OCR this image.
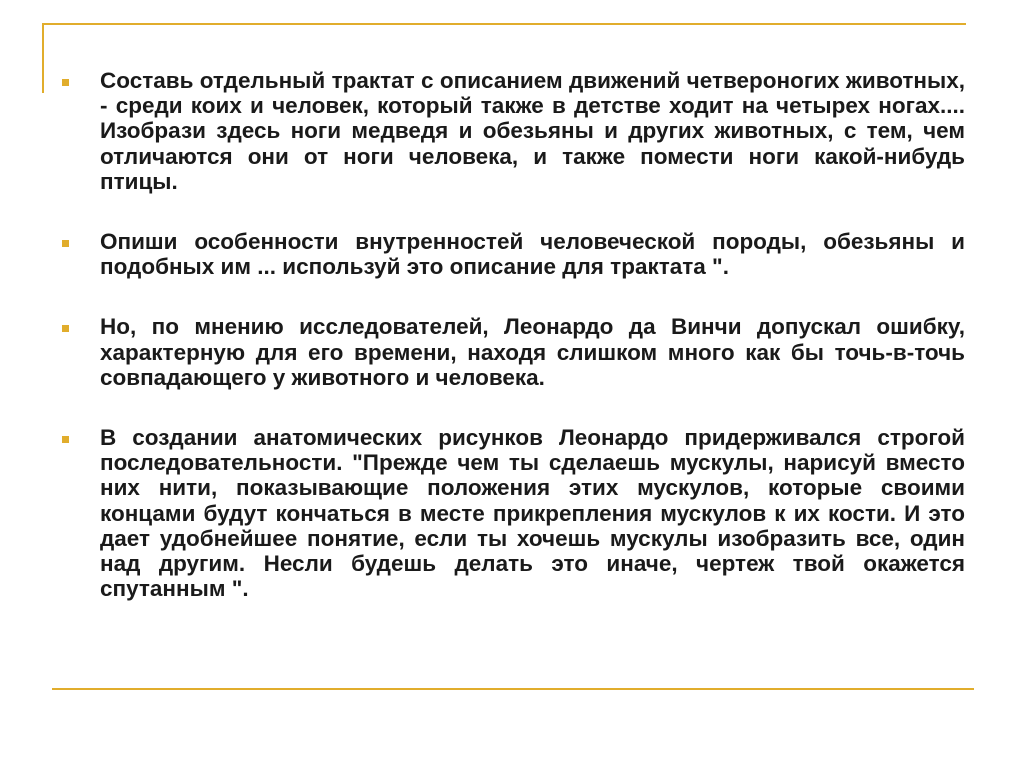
Составь отдельный трактат с описанием движений четвероногих животных, - среди коих и человек, который также в детстве ходит на четырех ногах.... Изобрази здесь ноги медведя и обезьяны и других животных, с тем, чем отличаются они от ноги человека, и также помести ноги какой-нибудь птицы.
Опиши особенности внутренностей человеческой породы, обезьяны и подобных им ... используй это описание для трактата ".
Но, по мнению исследователей, Леонардо да Винчи допускал ошибку, характерную для его времени, находя слишком много как бы точь-в-точь совпадающего у животного и человека.
В создании анатомических рисунков Леонардо придерживался строгой последовательности. "Прежде чем ты сделаешь мускулы, нарисуй вместо них нити, показывающие положения этих мускулов, которые своими концами будут кончаться в месте прикрепления мускулов к их кости. И это дает удобнейшее понятие, если ты хочешь мускулы изобразить все, один над другим. Несли будешь делать это иначе, чертеж твой окажется спутанным ".
